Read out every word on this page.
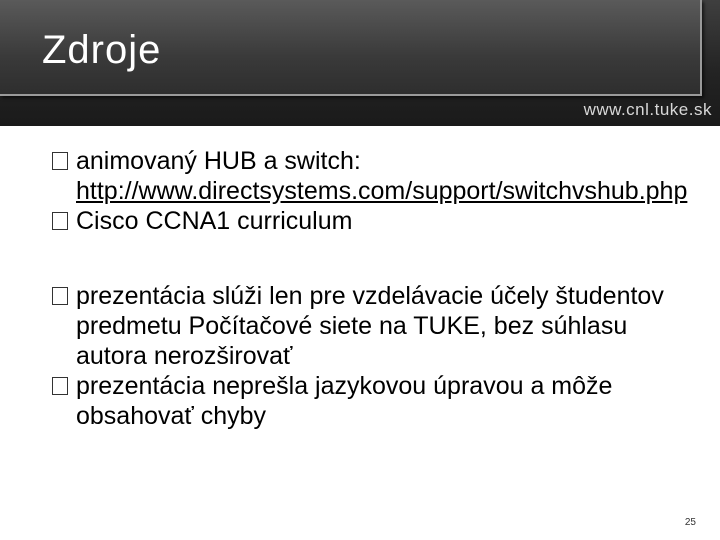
Zdroje
www.cnl.tuke.sk
animovaný HUB a switch: http://www.directsystems.com/support/switchvshub.php
Cisco CCNA1 curriculum
prezentácia slúži len pre vzdelávacie účely študentov predmetu Počítačové siete na TUKE, bez súhlasu autora nerozširovať
prezentácia neprešla jazykovou úpravou a môže obsahovať chyby
25
